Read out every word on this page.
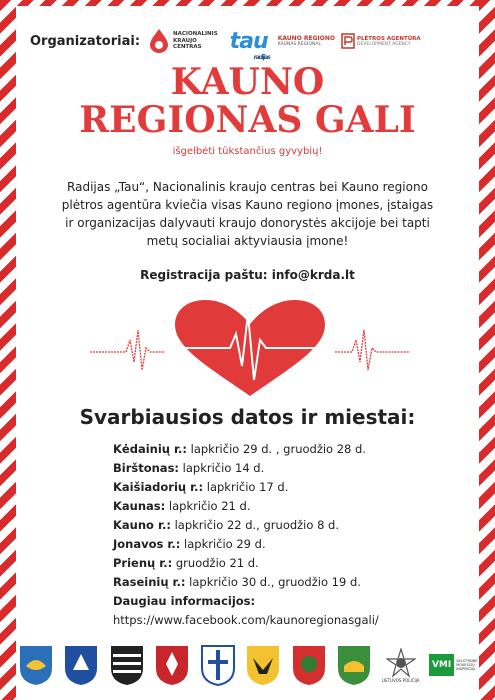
Organizatoriai:	NACIONALINIS
KRAUJO
CENTRAS	tau
radijas
KAUNO REGIONO
KAUNAS REGIONAL
PLĖTROS AGENTŪRA
DEVELOPMENT AGENCY
KAUNO
REGIONAS GALI
išgelbėti tūkstančius gyvybių!
Radijas „Tau“, Nacionalinis kraujo centras bei Kauno regiono plėtros agentūra kviečia visas Kauno regiono įmones, įstaigas ir organizacijas dalyvauti kraujo donorystės akcijoje bei tapti metų socialiai aktyviausia įmone!
Registracija paštu: info@krda.lt
Svarbiausios datos ir miestai:
Kėdainių r.: lapkričio 29 d. , gruodžio 28 d.
Birštonas: lapkričio 14 d.
Kaišiadorių r.: lapkričio 17 d.
Kaunas: lapkričio 21 d.
Kauno r.: lapkričio 22 d., gruodžio 8 d.
Jonavos r.: lapkričio 29 d.
Prienų r.: gruodžio 21 d.
Raseinių r.: lapkričio 30 d., gruodžio 19 d.
Daugiau informacijos:
https://www.facebook.com/kaunoregionasgali/
LIETUVOS POLICIJA
VMI	VALSTYBINĖ MOKESČIŲ INSPEKCIJA
